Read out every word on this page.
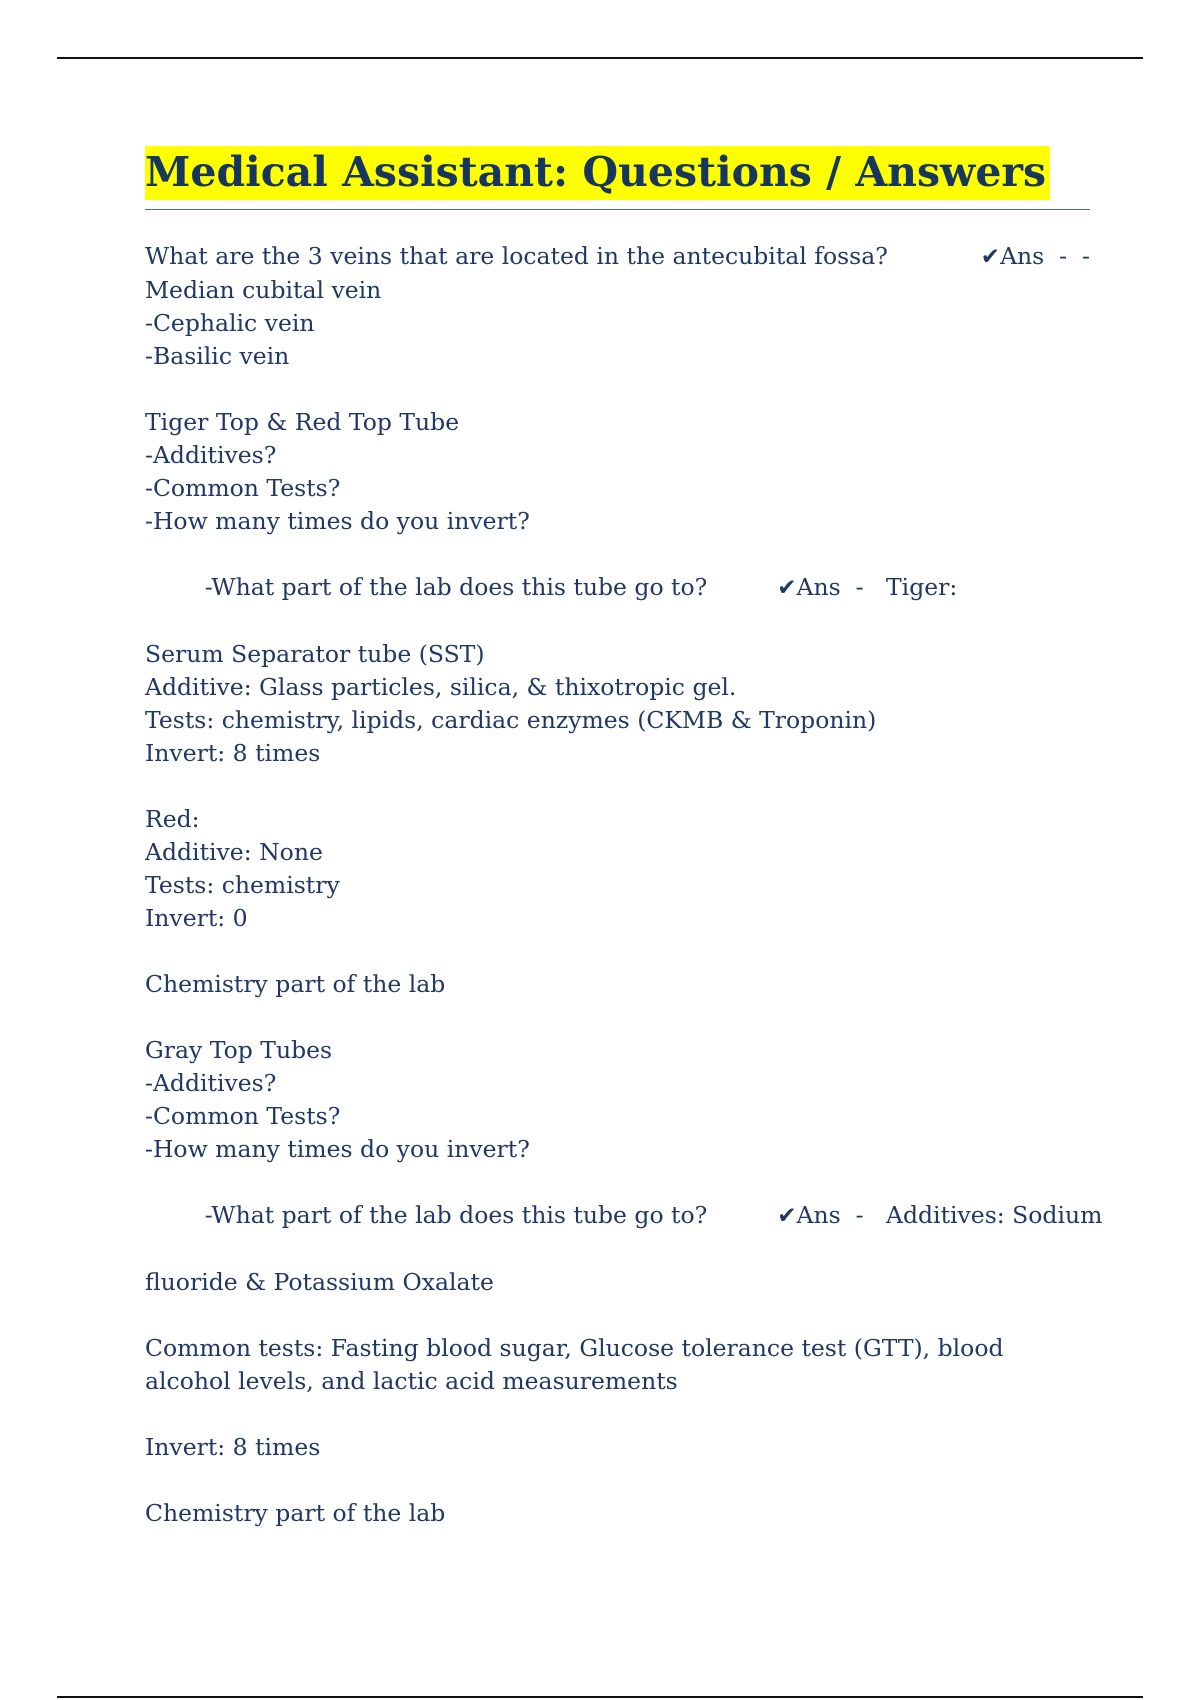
Medical Assistant: Questions / Answers
What are the 3 veins that are located in the antecubital fossa?	✔Ans  -  -
Median cubital vein
-Cephalic vein
-Basilic vein
Tiger Top & Red Top Tube
-Additives?
-Common Tests?
-How many times do you invert?

-What part of the lab does this tube go to?	✔Ans  -   Tiger:

Serum Separator tube (SST)
Additive: Glass particles, silica, & thixotropic gel.
Tests: chemistry, lipids, cardiac enzymes (CKMB & Troponin)
Invert: 8 times
Red:
Additive: None
Tests: chemistry
Invert: 0
Chemistry part of the lab
Gray Top Tubes
-Additives?
-Common Tests?
-How many times do you invert?

-What part of the lab does this tube go to?	✔Ans  -   Additives: Sodium

fluoride & Potassium Oxalate
Common tests: Fasting blood sugar, Glucose tolerance test (GTT), blood
alcohol levels, and lactic acid measurements
Invert: 8 times
Chemistry part of the lab
